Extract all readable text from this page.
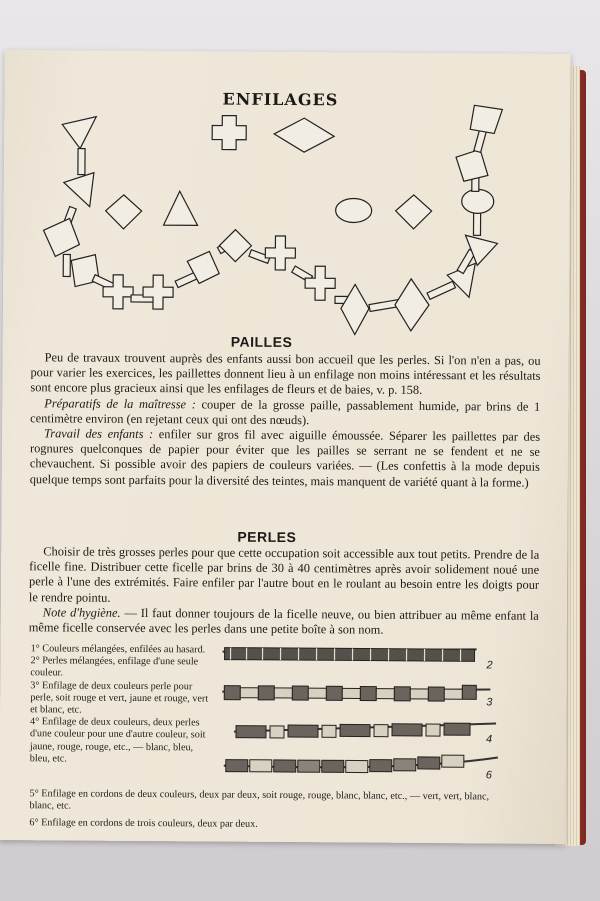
ENFILAGES
PAILLES

Peu de travaux trouvent auprès des enfants aussi bon accueil que les perles. Si l'on n'en a pas, ou pour varier les exercices, les paillettes donnent lieu à un enfilage non moins intéressant et les résultats sont encore plus gracieux ainsi que les enfilages de fleurs et de baies, v. p. 158.

Préparatifs de la maîtresse : couper de la grosse paille, passablement humide, par brins de 1 centimètre environ (en rejetant ceux qui ont des nœuds).

Travail des enfants : enfiler sur gros fil avec aiguille émoussée. Séparer les paillettes par des rognures quelconques de papier pour éviter que les pailles se serrant ne se fendent et ne se chevauchent. Si possible avoir des papiers de couleurs variées. — (Les confettis à la mode depuis quelque temps sont parfaits pour la diversité des teintes, mais manquent de variété quant à la forme.)

PERLES

Choisir de très grosses perles pour que cette occupation soit accessible aux tout petits. Prendre de la ficelle fine. Distribuer cette ficelle par brins de 30 à 40 centimètres après avoir solidement noué une perle à l'une des extrémités. Faire enfiler par l'autre bout en le roulant au besoin entre les doigts pour le rendre pointu.

Note d'hygiène. — Il faut donner toujours de la ficelle neuve, ou bien attribuer au même enfant la même ficelle conservée avec les perles dans une petite boîte à son nom.

1° Couleurs mélangées, enfilées au hasard.

2° Perles mélangées, enfilage d'une seule couleur.

3° Enfilage de deux couleurs perle pour perle, soit rouge et vert, jaune et rouge, vert et blanc, etc.

4° Enfilage de deux couleurs, deux perles d'une couleur pour une d'autre couleur, soit jaune, rouge, rouge, etc., — blanc, bleu, bleu, etc.

5° Enfilage en cordons de deux couleurs, deux par deux, soit rouge, rouge, blanc, blanc, etc., — vert, vert, blanc, blanc, etc.

6° Enfilage en cordons de trois couleurs, deux par deux.

2
3
4
6
